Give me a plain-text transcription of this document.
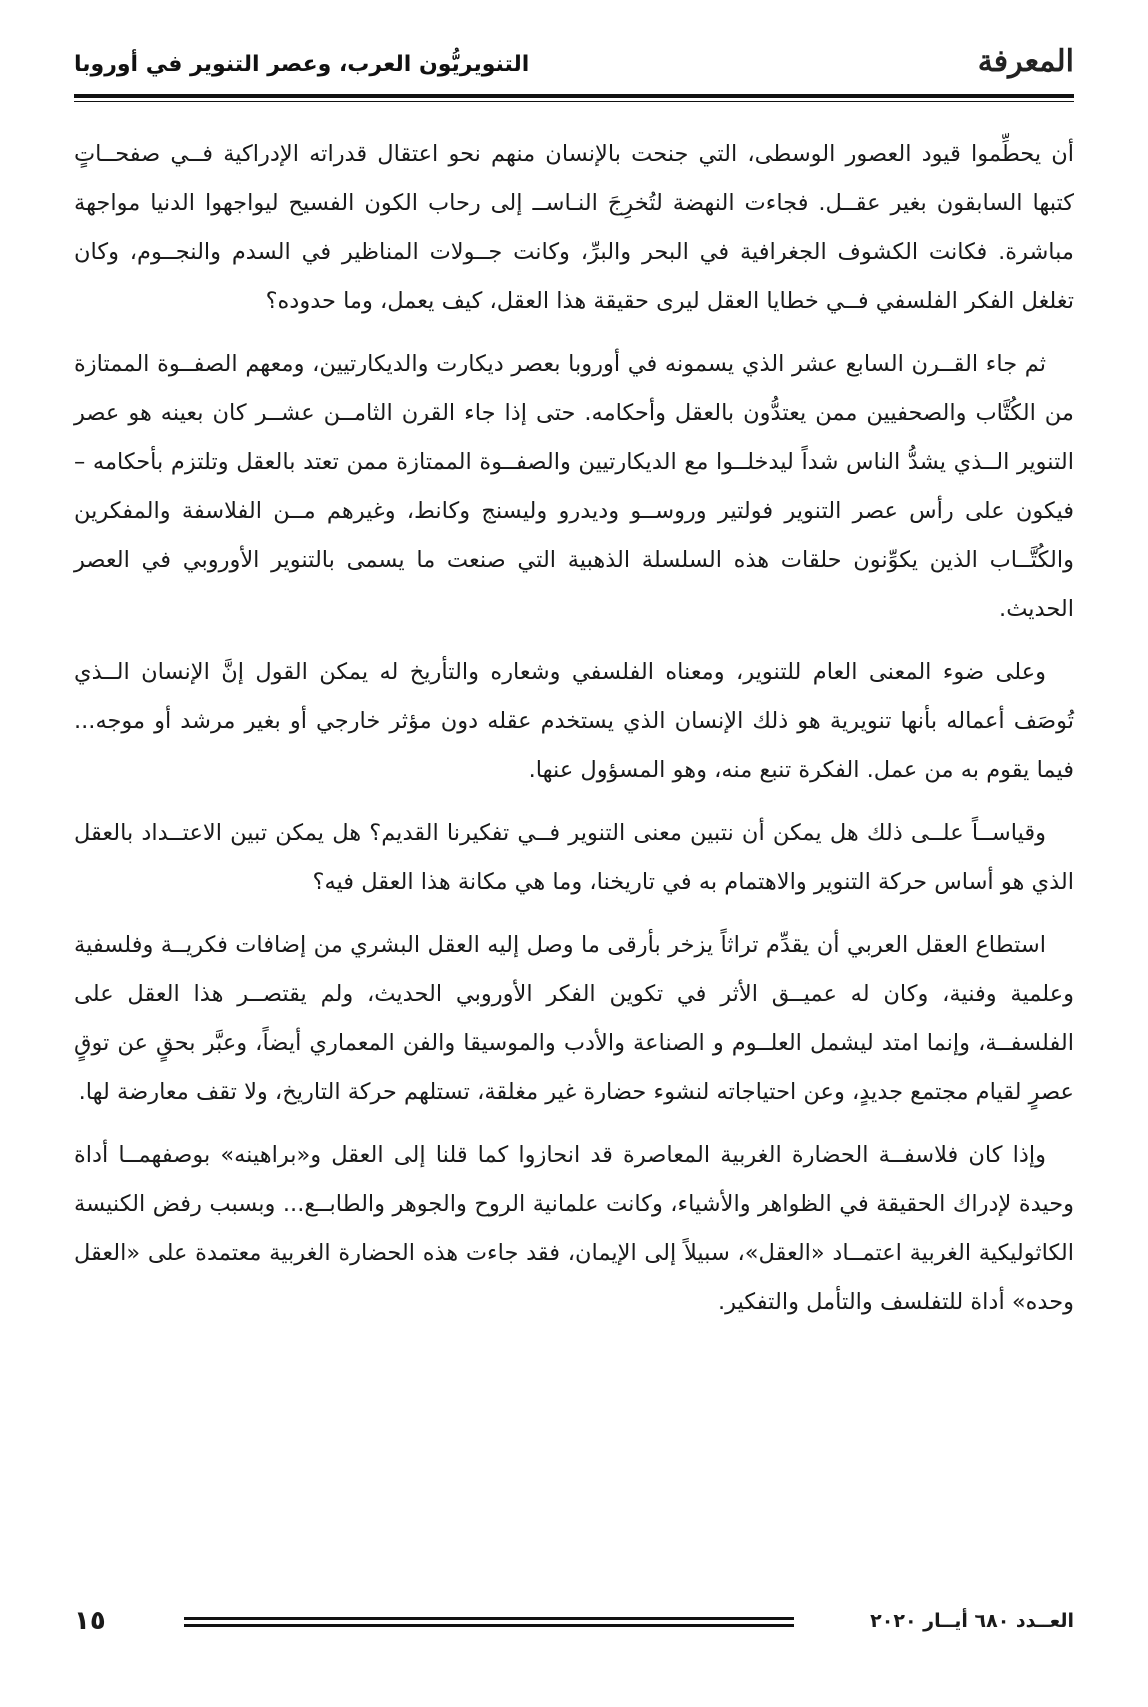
المعرفة
التنويريُّون العرب، وعصر التنوير في أوروبا

أن يحطِّموا قيود العصور الوسطى، التي جنحت بالإنسان منهم نحو اعتقال قدراته الإدراكية فــي صفحــاتٍ كتبها السابقون بغير عقــل. فجاءت النهضة لتُخرِجَ النـاســ إلى رحاب الكون الفسيح ليواجهوا الدنيا مواجهة مباشرة. فكانت الكشوف الجغرافية في البحر والبرِّ، وكانت جــولات المناظير في السدم والنجــوم، وكان تغلغل الفكر الفلسفي فــي خطايا العقل ليرى حقيقة هذا العقل، كيف يعمل، وما حدوده؟

ثم جاء القــرن السابع عشر الذي يسمونه في أوروبا بعصر ديكارت والديكارتيين، ومعهم الصفــوة الممتازة من الكُتَّاب والصحفيين ممن يعتدُّون بالعقل وأحكامه. حتى إذا جاء القرن الثامــن عشــر كان بعينه هو عصر التنوير الــذي يشدُّ الناس شداً ليدخلــوا مع الديكارتيين والصفــوة الممتازة ممن تعتد بالعقل وتلتزم بأحكامه –فيكون على رأس عصر التنوير فولتير وروســو وديدرو وليسنج وكانط، وغيرهم مــن الفلاسفة والمفكرين والكُتَّــاب الذين يكوِّنون حلقات هذه السلسلة الذهبية التي صنعت ما يسمى بالتنوير الأوروبي في العصر الحديث.

وعلى ضوء المعنى العام للتنوير، ومعناه الفلسفي وشعاره والتأريخ له يمكن القول إنَّ الإنسان الــذي تُوصَف أعماله بأنها تنويرية هو ذلك الإنسان الذي يستخدم عقله دون مؤثر خارجي أو بغير مرشد أو موجه... فيما يقوم به من عمل. الفكرة تنبع منه، وهو المسؤول عنها.

وقياســاً علــى ذلك هل يمكن أن نتبين معنى التنوير فــي تفكيرنا القديم؟ هل يمكن تبين الاعتــداد بالعقل الذي هو أساس حركة التنوير والاهتمام به في تاريخنا، وما هي مكانة هذا العقل فيه؟

استطاع العقل العربي أن يقدِّم تراثاً يزخر بأرقى ما وصل إليه العقل البشري من إضافات فكريــة وفلسفية وعلمية وفنية، وكان له عميــق الأثر في تكوين الفكر الأوروبي الحديث، ولم يقتصــر هذا العقل على الفلسفــة، وإنما امتد ليشمل العلــوم و الصناعة والأدب والموسيقا والفن المعماري أيضاً، وعبَّر بحقٍ عن توقٍ عصرٍ لقيام مجتمع جديدٍ، وعن احتياجاته لنشوء حضارة غير مغلقة، تستلهم حركة التاريخ، ولا تقف معارضة لها.

وإذا كان فلاسفــة الحضارة الغربية المعاصرة قد انحازوا كما قلنا إلى العقل و«براهينه» بوصفهمــا أداة وحيدة لإدراك الحقيقة في الظواهر والأشياء، وكانت علمانية الروح والجوهر والطابــع... وبسبب رفض الكنيسة الكاثوليكية الغربية اعتمــاد «العقل»، سبيلاً إلى الإيمان، فقد جاءت هذه الحضارة الغربية معتمدة على «العقل وحده» أداة للتفلسف والتأمل والتفكير.

العــدد ٦٨٠ أيــار ٢٠٢٠
١٥
